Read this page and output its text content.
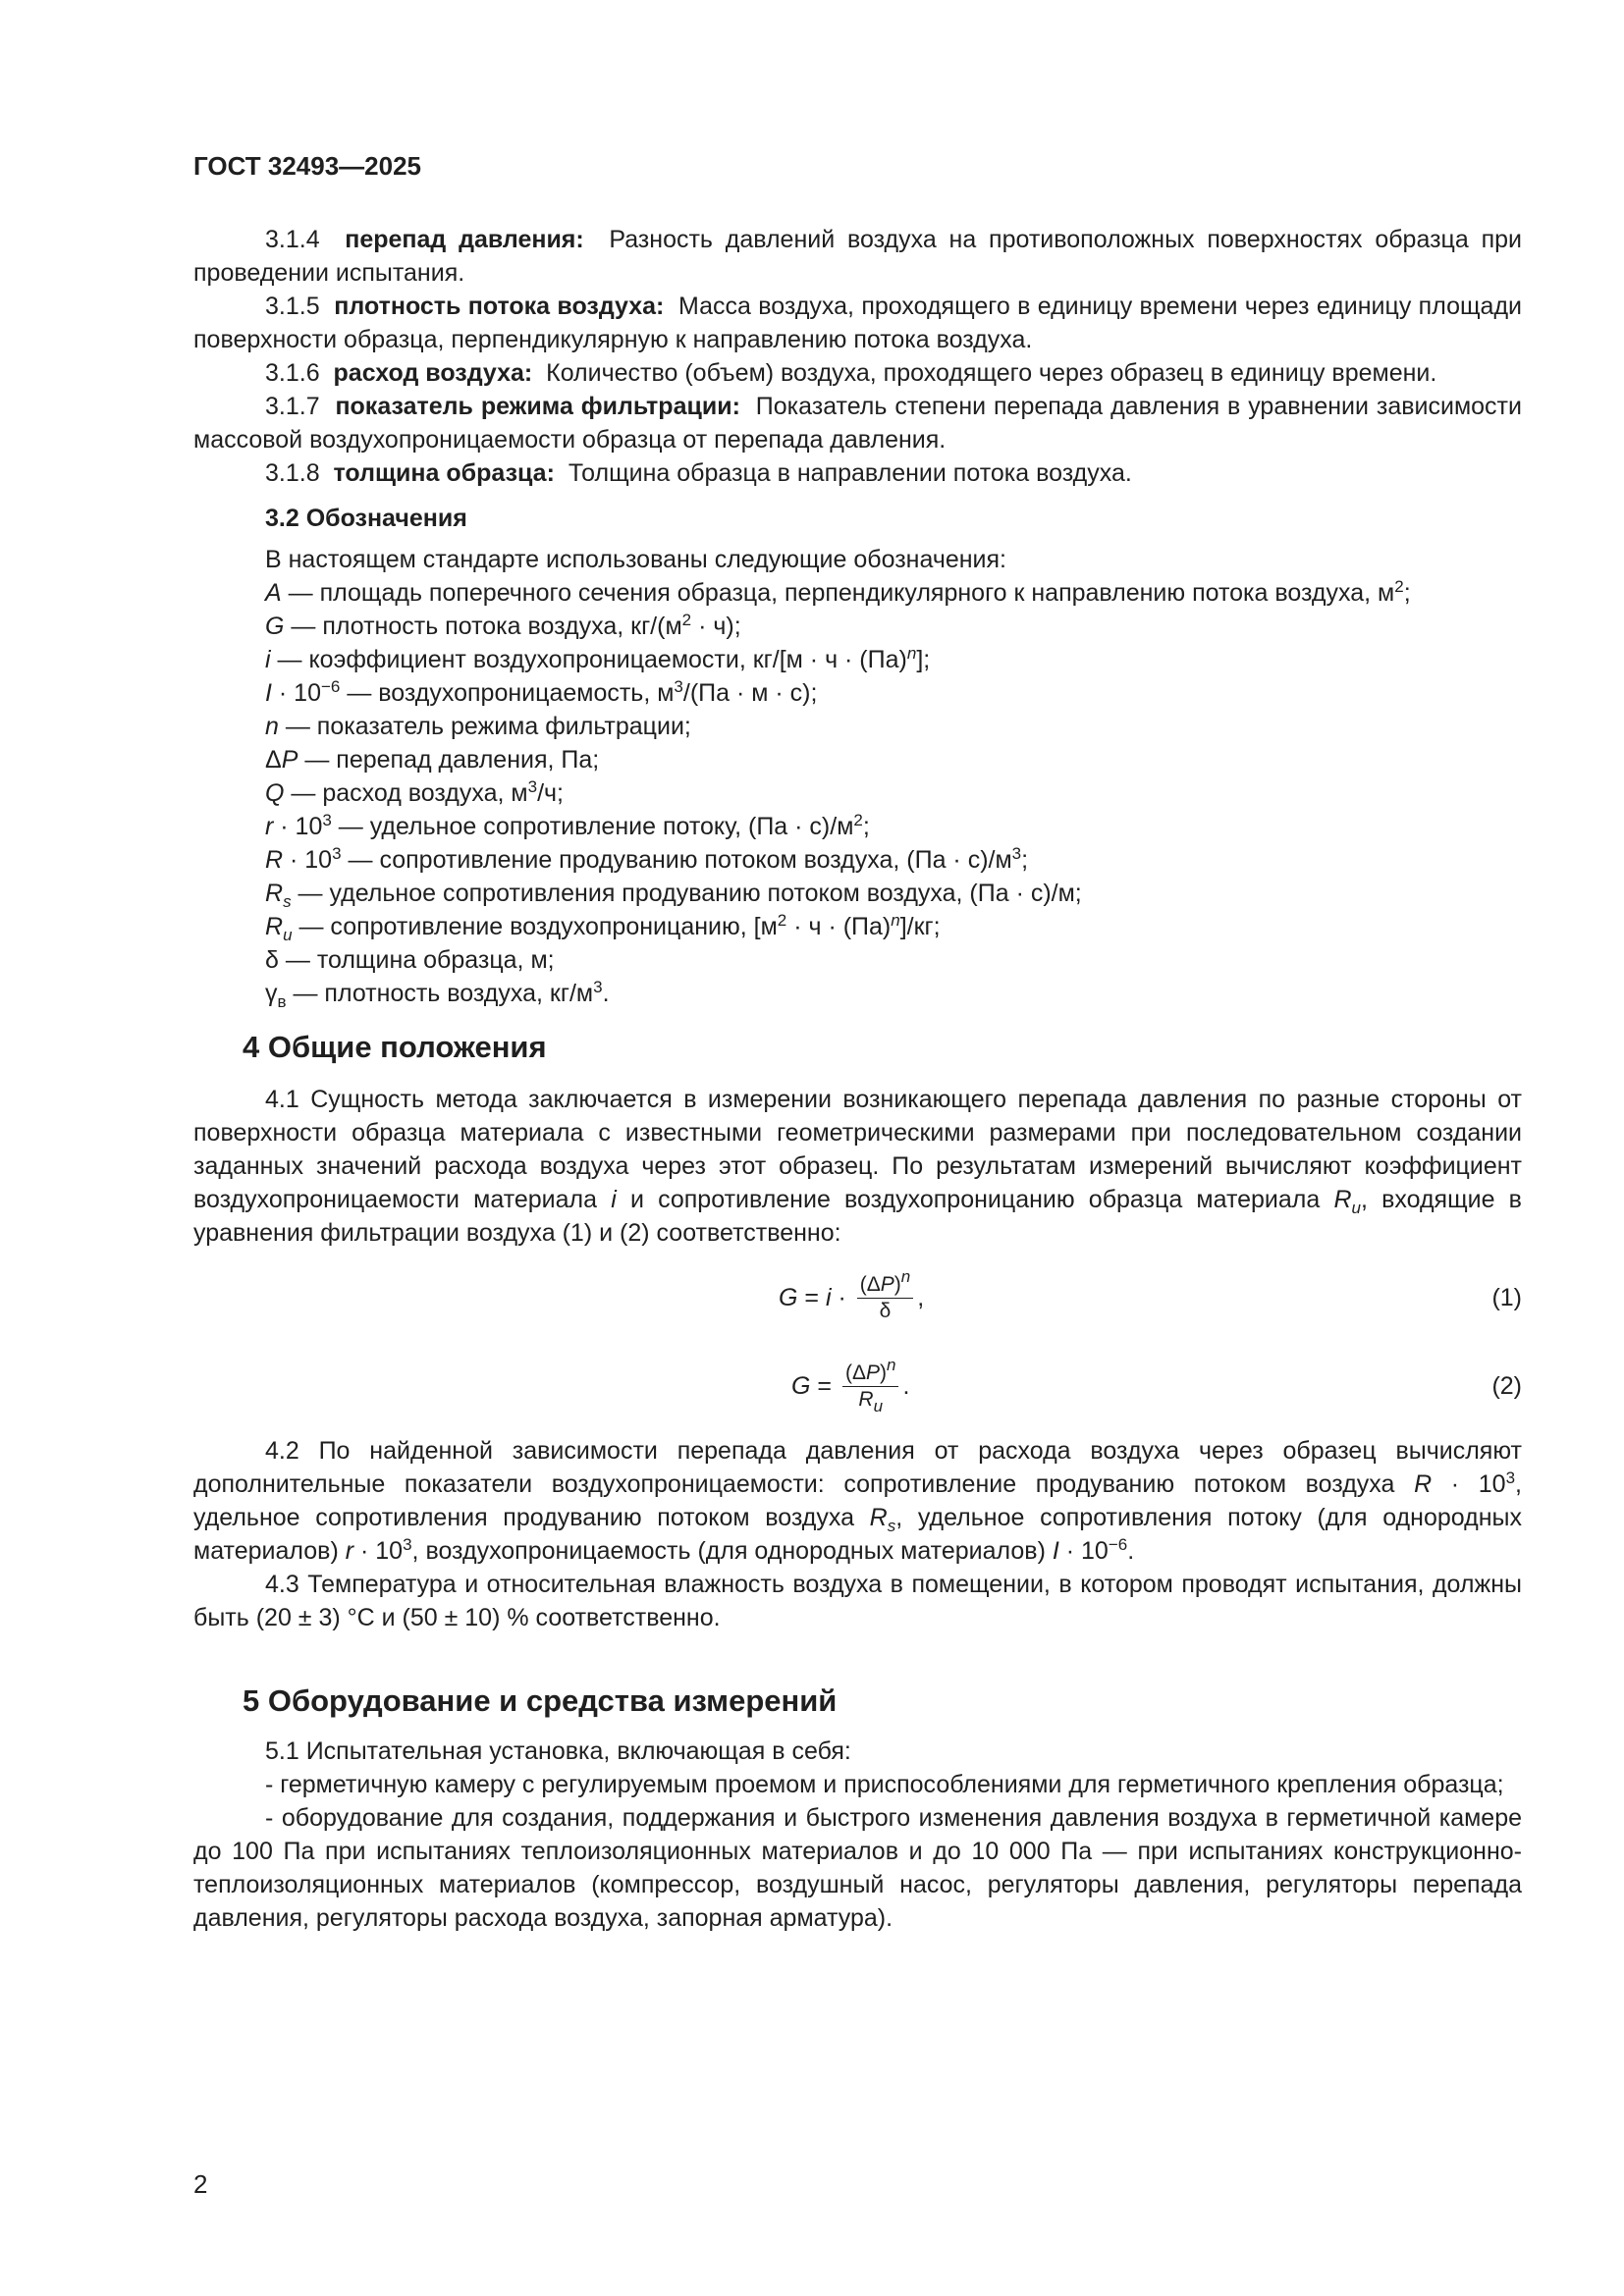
ГОСТ 32493—2025

3.1.4 перепад давления: Разность давлений воздуха на противоположных поверхностях образца при проведении испытания.

3.1.5 плотность потока воздуха: Масса воздуха, проходящего в единицу времени через единицу площади поверхности образца, перпендикулярную к направлению потока воздуха.

3.1.6 расход воздуха: Количество (объем) воздуха, проходящего через образец в единицу времени.

3.1.7 показатель режима фильтрации: Показатель степени перепада давления в уравнении зависимости массовой воздухопроницаемости образца от перепада давления.

3.1.8 толщина образца: Толщина образца в направлении потока воздуха.

3.2 Обозначения

В настоящем стандарте использованы следующие обозначения:

A — площадь поперечного сечения образца, перпендикулярного к направлению потока воздуха, $м^2$;

G — плотность потока воздуха, $кг/(м^2 \cdot ч)$;

i — коэффициент воздухопроницаемости, кг/[м · ч · (Па)$^n$];

$I \cdot 10^{-6}$ — воздухопроницаемость, $м^3/(Па \cdot м \cdot с)$;

n — показатель режима фильтрации;

ΔP — перепад давления, Па;

Q — расход воздуха, $м^3/ч$;

$r \cdot 10^3$ — удельное сопротивление потоку, $(Па \cdot с)/м^2$;

$R \cdot 10^3$ — сопротивление продуванию потоком воздуха, $(Па \cdot с)/м^3$;

$R_s$ — удельное сопротивления продуванию потоком воздуха, (Па · с)/м;

$R_u$ — сопротивление воздухопроницанию, $[м^2 \cdot ч \cdot (Па)^n]/кг$;

δ — толщина образца, м;

$\gamma_в$ — плотность воздуха, $кг/м^3$.

4 Общие положения

4.1 Сущность метода заключается в измерении возникающего перепада давления по разные стороны от поверхности образца материала с известными геометрическими размерами при последовательном создании заданных значений расхода воздуха через этот образец. По результатам измерений вычисляют коэффициент воздухопроницаемости материала i и сопротивление воздухопроницанию образца материала $R_u$, входящие в уравнения фильтрации воздуха (1) и (2) соответственно:

$G = i \cdot \frac{(\Delta P)^n}{\delta}$ ,	(1)
$G = \frac{(\Delta P)^n}{R_u}$ .	(2)

4.2 По найденной зависимости перепада давления от расхода воздуха через образец вычисляют дополнительные показатели воздухопроницаемости: сопротивление продуванию потоком воздуха $R \cdot 10^3$, удельное сопротивления продуванию потоком воздуха $R_s$, удельное сопротивления потоку (для однородных материалов) $r \cdot 10^3$, воздухопроницаемость (для однородных материалов) $I \cdot 10^{-6}$.

4.3 Температура и относительная влажность воздуха в помещении, в котором проводят испытания, должны быть (20 ± 3) °С и (50 ± 10) % соответственно.

5 Оборудование и средства измерений

5.1 Испытательная установка, включающая в себя:

- герметичную камеру с регулируемым проемом и приспособлениями для герметичного крепления образца;

- оборудование для создания, поддержания и быстрого изменения давления воздуха в герметичной камере до 100 Па при испытаниях теплоизоляционных материалов и до 10 000 Па — при испытаниях конструкционно-теплоизоляционных материалов (компрессор, воздушный насос, регуляторы давления, регуляторы перепада давления, регуляторы расхода воздуха, запорная арматура).

2
